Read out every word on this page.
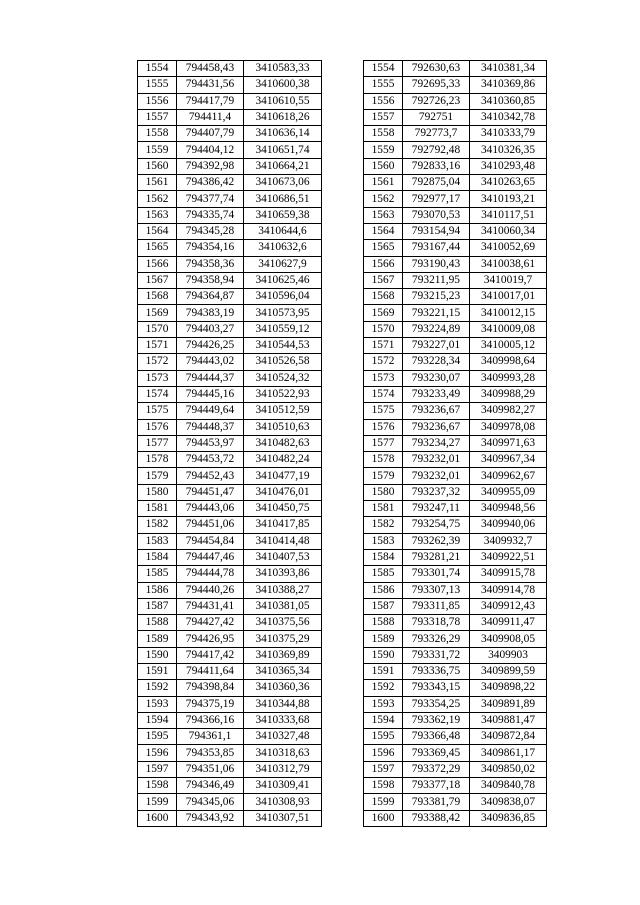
1554	794458,43	3410583,33
1555	794431,56	3410600,38
1556	794417,79	3410610,55
1557	794411,4	3410618,26
1558	794407,79	3410636,14
1559	794404,12	3410651,74
1560	794392,98	3410664,21
1561	794386,42	3410673,06
1562	794377,74	3410686,51
1563	794335,74	3410659,38
1564	794345,28	3410644,6
1565	794354,16	3410632,6
1566	794358,36	3410627,9
1567	794358,94	3410625,46
1568	794364,87	3410596,04
1569	794383,19	3410573,95
1570	794403,27	3410559,12
1571	794426,25	3410544,53
1572	794443,02	3410526,58
1573	794444,37	3410524,32
1574	794445,16	3410522,93
1575	794449,64	3410512,59
1576	794448,37	3410510,63
1577	794453,97	3410482,63
1578	794453,72	3410482,24
1579	794452,43	3410477,19
1580	794451,47	3410476,01
1581	794443,06	3410450,75
1582	794451,06	3410417,85
1583	794454,84	3410414,48
1584	794447,46	3410407,53
1585	794444,78	3410393,86
1586	794440,26	3410388,27
1587	794431,41	3410381,05
1588	794427,42	3410375,56
1589	794426,95	3410375,29
1590	794417,42	3410369,89
1591	794411,64	3410365,34
1592	794398,84	3410360,36
1593	794375,19	3410344,88
1594	794366,16	3410333,68
1595	794361,1	3410327,48
1596	794353,85	3410318,63
1597	794351,06	3410312,79
1598	794346,49	3410309,41
1599	794345,06	3410308,93
1600	794343,92	3410307,51
1554	792630,63	3410381,34
1555	792695,33	3410369,86
1556	792726,23	3410360,85
1557	792751	3410342,78
1558	792773,7	3410333,79
1559	792792,48	3410326,35
1560	792833,16	3410293,48
1561	792875,04	3410263,65
1562	792977,17	3410193,21
1563	793070,53	3410117,51
1564	793154,94	3410060,34
1565	793167,44	3410052,69
1566	793190,43	3410038,61
1567	793211,95	3410019,7
1568	793215,23	3410017,01
1569	793221,15	3410012,15
1570	793224,89	3410009,08
1571	793227,01	3410005,12
1572	793228,34	3409998,64
1573	793230,07	3409993,28
1574	793233,49	3409988,29
1575	793236,67	3409982,27
1576	793236,67	3409978,08
1577	793234,27	3409971,63
1578	793232,01	3409967,34
1579	793232,01	3409962,67
1580	793237,32	3409955,09
1581	793247,11	3409948,56
1582	793254,75	3409940,06
1583	793262,39	3409932,7
1584	793281,21	3409922,51
1585	793301,74	3409915,78
1586	793307,13	3409914,78
1587	793311,85	3409912,43
1588	793318,78	3409911,47
1589	793326,29	3409908,05
1590	793331,72	3409903
1591	793336,75	3409899,59
1592	793343,15	3409898,22
1593	793354,25	3409891,89
1594	793362,19	3409881,47
1595	793366,48	3409872,84
1596	793369,45	3409861,17
1597	793372,29	3409850,02
1598	793377,18	3409840,78
1599	793381,79	3409838,07
1600	793388,42	3409836,85
